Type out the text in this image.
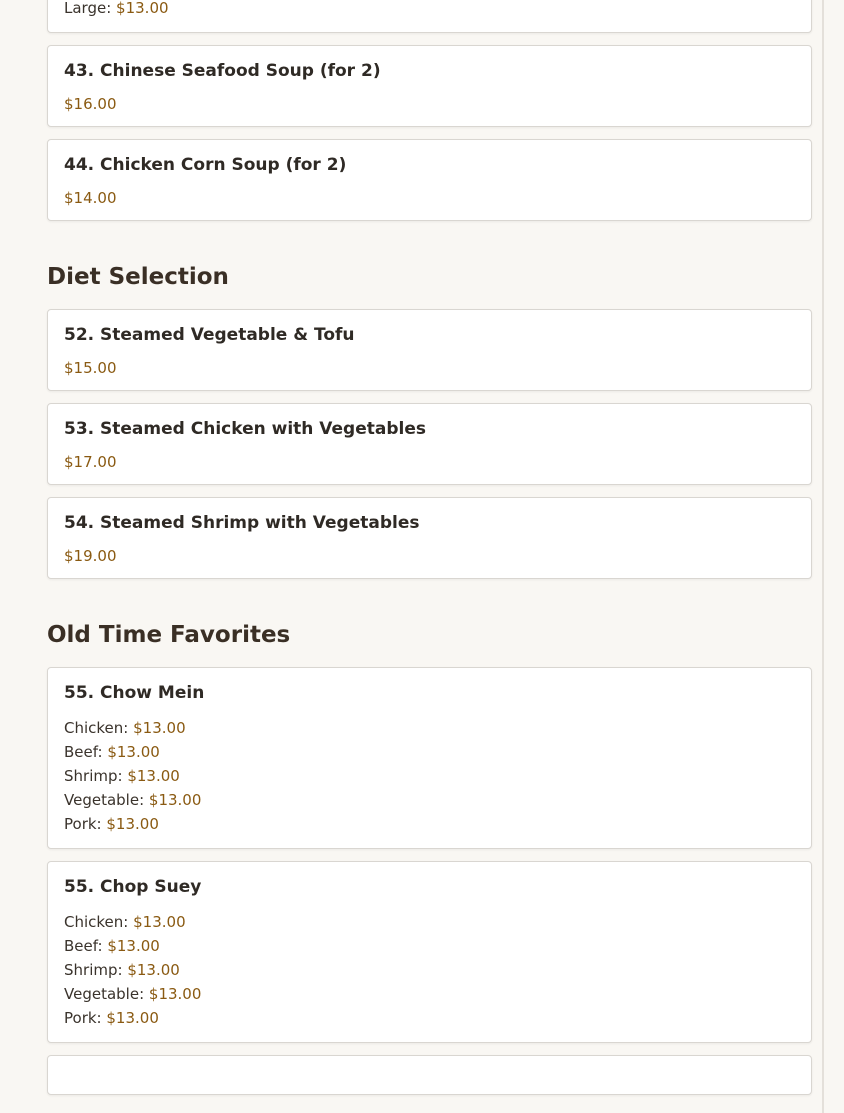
Large: $13.00
43. Chinese Seafood Soup (for 2)
$16.00
44. Chicken Corn Soup (for 2)
$14.00
Diet Selection
52. Steamed Vegetable & Tofu
$15.00
53. Steamed Chicken with Vegetables
$17.00
54. Steamed Shrimp with Vegetables
$19.00
Old Time Favorites
55. Chow Mein
Chicken: $13.00
Beef: $13.00
Shrimp: $13.00
Vegetable: $13.00
Pork: $13.00
55. Chop Suey
Chicken: $13.00
Beef: $13.00
Shrimp: $13.00
Vegetable: $13.00
Pork: $13.00
